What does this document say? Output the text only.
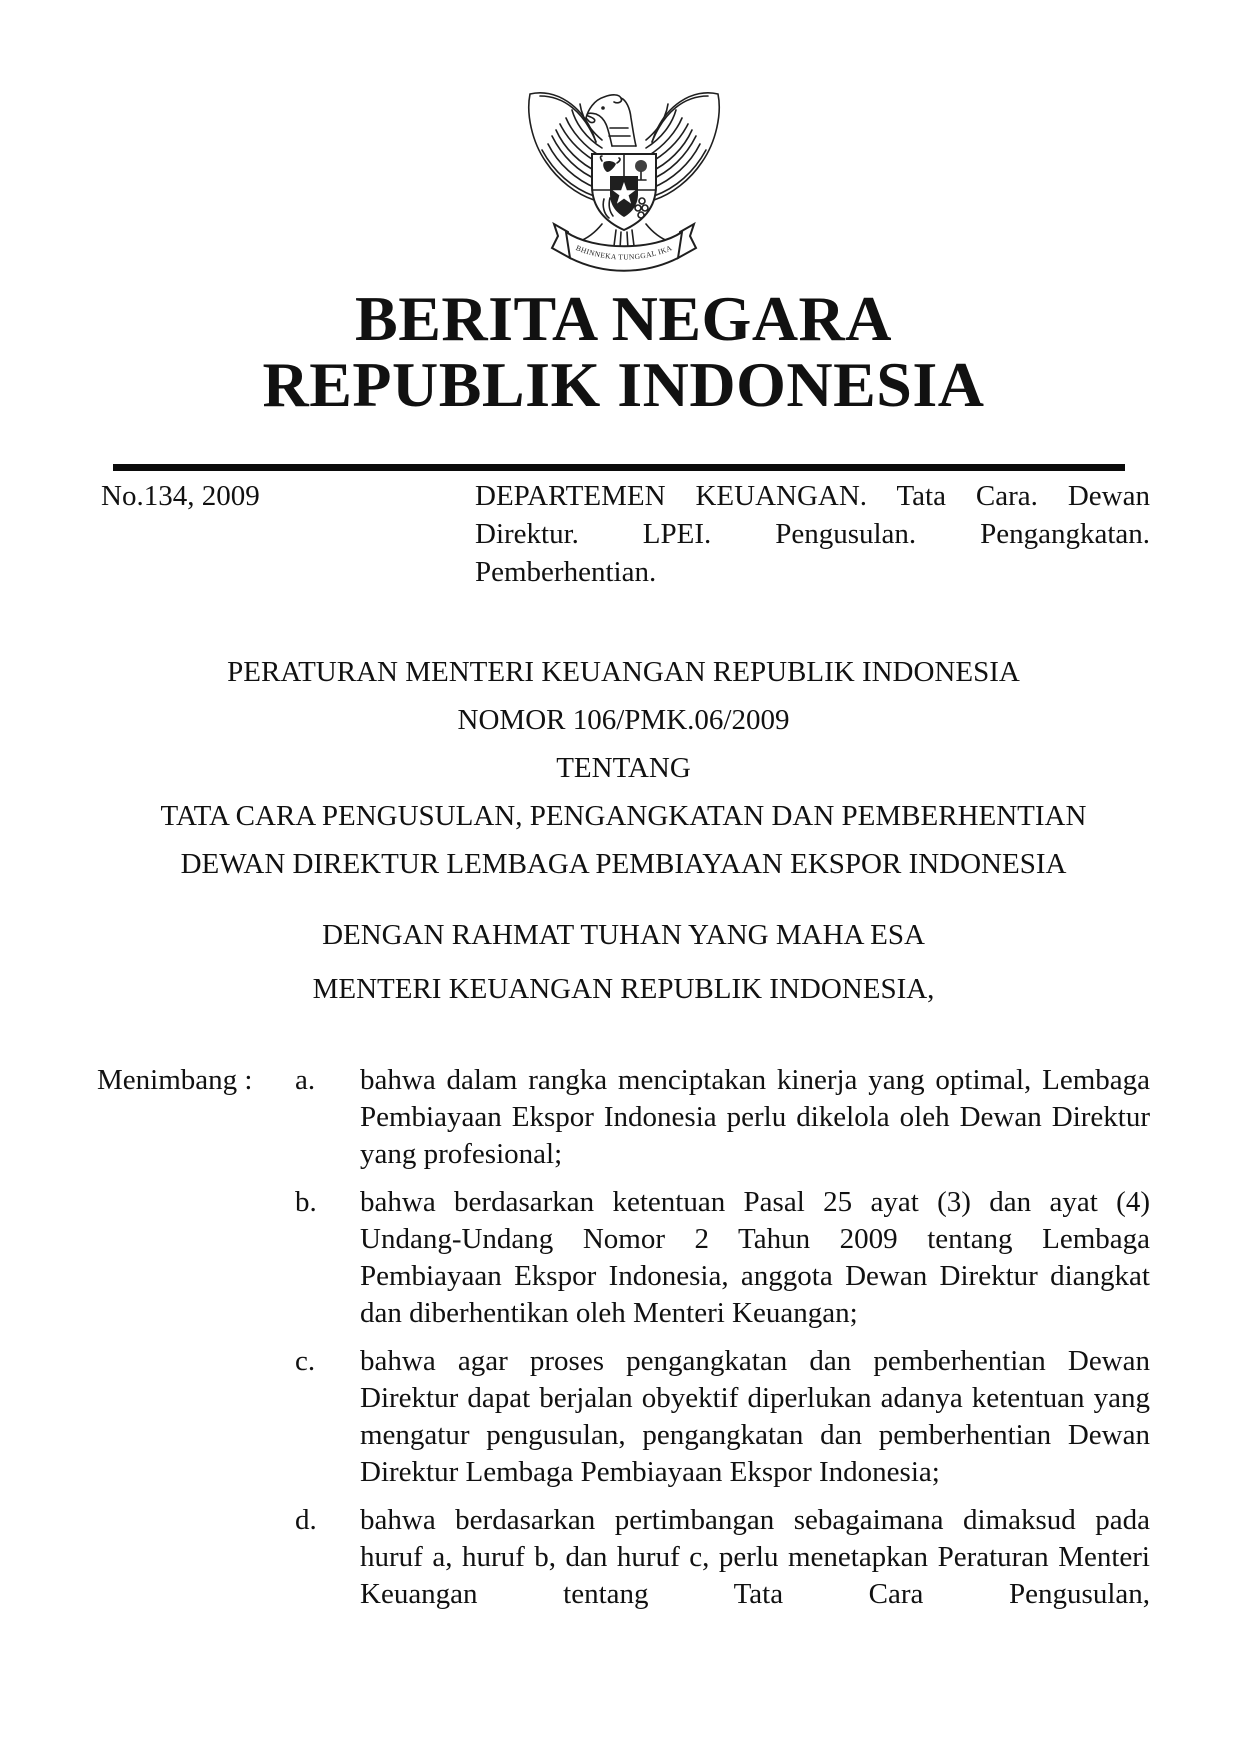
BHINNEKA TUNGGAL IKA
BERITA NEGARA
REPUBLIK INDONESIA
No.134, 2009	DEPARTEMEN KEUANGAN. Tata Cara. Dewan Direktur. LPEI. Pengusulan. Pengangkatan. Pemberhentian.
PERATURAN MENTERI KEUANGAN REPUBLIK INDONESIA
NOMOR 106/PMK.06/2009
TENTANG
TATA CARA PENGUSULAN, PENGANGKATAN DAN PEMBERHENTIAN
DEWAN DIREKTUR LEMBAGA PEMBIAYAAN EKSPOR INDONESIA
DENGAN RAHMAT TUHAN YANG MAHA ESA
MENTERI KEUANGAN REPUBLIK INDONESIA,
Menimbang :	a.	bahwa dalam rangka menciptakan kinerja yang optimal, Lembaga Pembiayaan Ekspor Indonesia perlu dikelola oleh Dewan Direktur yang profesional;
b.	bahwa berdasarkan ketentuan Pasal 25 ayat (3) dan ayat (4) Undang-Undang Nomor 2 Tahun 2009 tentang Lembaga Pembiayaan Ekspor Indonesia, anggota Dewan Direktur diangkat dan diberhentikan oleh Menteri Keuangan;
c.	bahwa agar proses pengangkatan dan pemberhentian Dewan Direktur dapat berjalan obyektif diperlukan adanya ketentuan yang mengatur pengusulan, pengangkatan dan pemberhentian Dewan Direktur Lembaga Pembiayaan Ekspor Indonesia;
d.	bahwa berdasarkan pertimbangan sebagaimana dimaksud pada huruf a, huruf b, dan huruf c, perlu menetapkan Peraturan Menteri Keuangan tentang Tata Cara Pengusulan,
